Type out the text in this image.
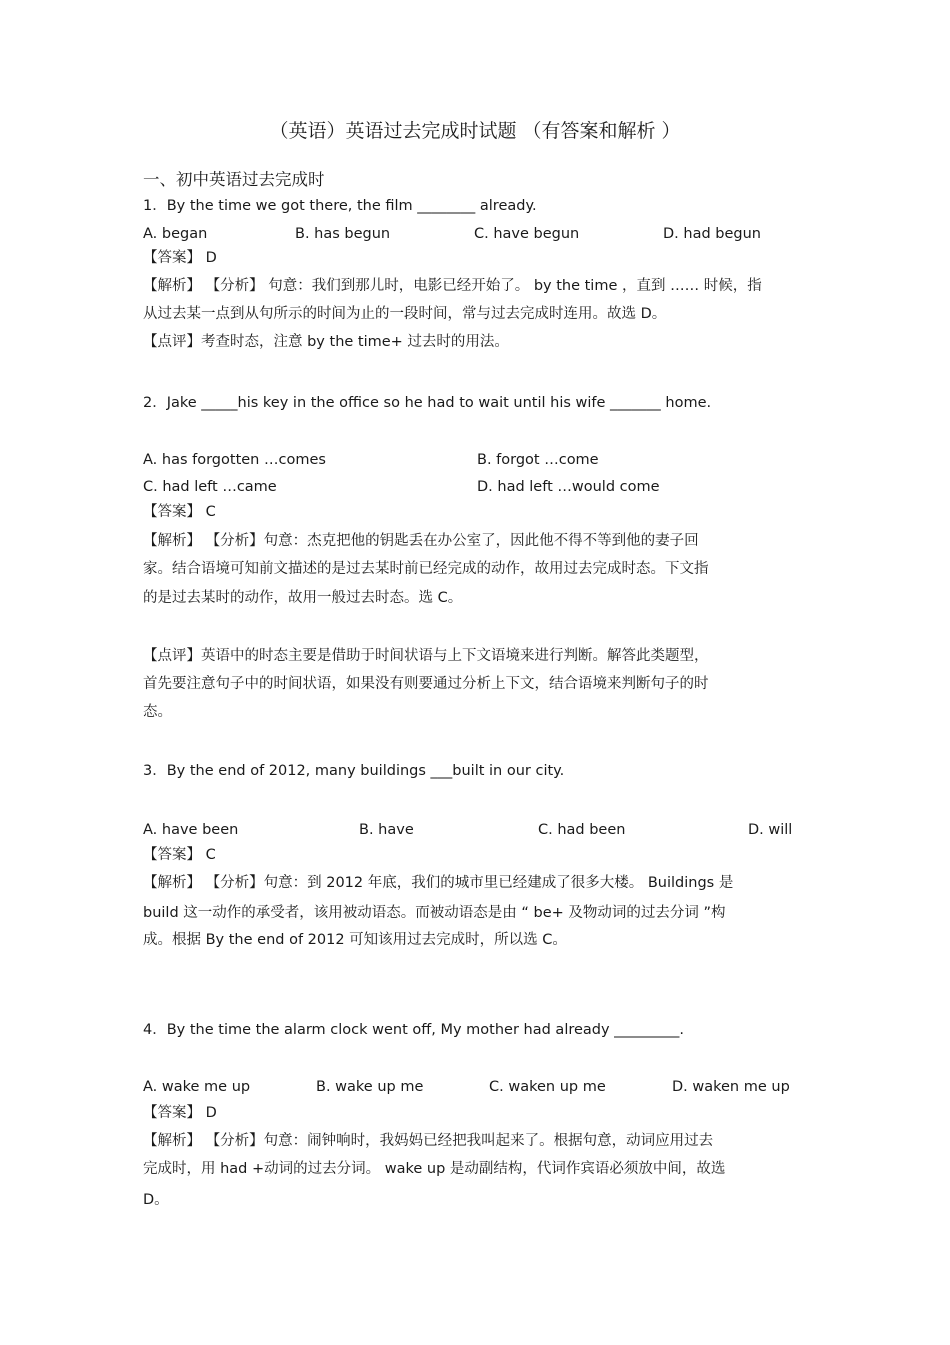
（英语）英语过去完成时试题 （有答案和解析 ）
一、初中英语过去完成时
1．By the time we got there, the film ________ already.
A. began	B. has begun	C. have begun	D. had begun
【答案】 D
【解析】 【分析】 句意：我们到那儿时，电影已经开始了。 by the time ，直到 …… 时候，指
从过去某一点到从句所示的时间为止的一段时间，常与过去完成时连用。故选 D。
【点评】考查时态，注意 by the time+ 过去时的用法。
2．Jake _____his key in the office so he had to wait until his wife _______ home.
A. has forgotten …comes	B. forgot …come
C. had left …came	D. had left …would come
【答案】 C
【解析】 【分析】句意：杰克把他的钥匙丢在办公室了，因此他不得不等到他的妻子回
家。结合语境可知前文描述的是过去某时前已经完成的动作，故用过去完成时态。下文指
的是过去某时的动作，故用一般过去时态。选 C。
【点评】英语中的时态主要是借助于时间状语与上下文语境来进行判断。解答此类题型，
首先要注意句子中的时间状语，如果没有则要通过分析上下文，结合语境来判断句子的时
态。
3．By the end of 2012, many buildings ___built in our city.
A. have been	B. have	C. had been	D. will
【答案】 C
【解析】 【分析】句意：到 2012 年底，我们的城市里已经建成了很多大楼。 Buildings 是
build 这一动作的承受者，该用被动语态。而被动语态是由 “ be+ 及物动词的过去分词 ”构
成。根据 By the end of 2012 可知该用过去完成时，所以选 C。
4．By the time the alarm clock went off, My mother had already _________.
A. wake me up	B. wake up me	C. waken up me	D. waken me up
【答案】 D
【解析】 【分析】句意：闹钟响时，我妈妈已经把我叫起来了。根据句意，动词应用过去
完成时，用 had +动词的过去分词。 wake up 是动副结构，代词作宾语必须放中间，故选
D。
